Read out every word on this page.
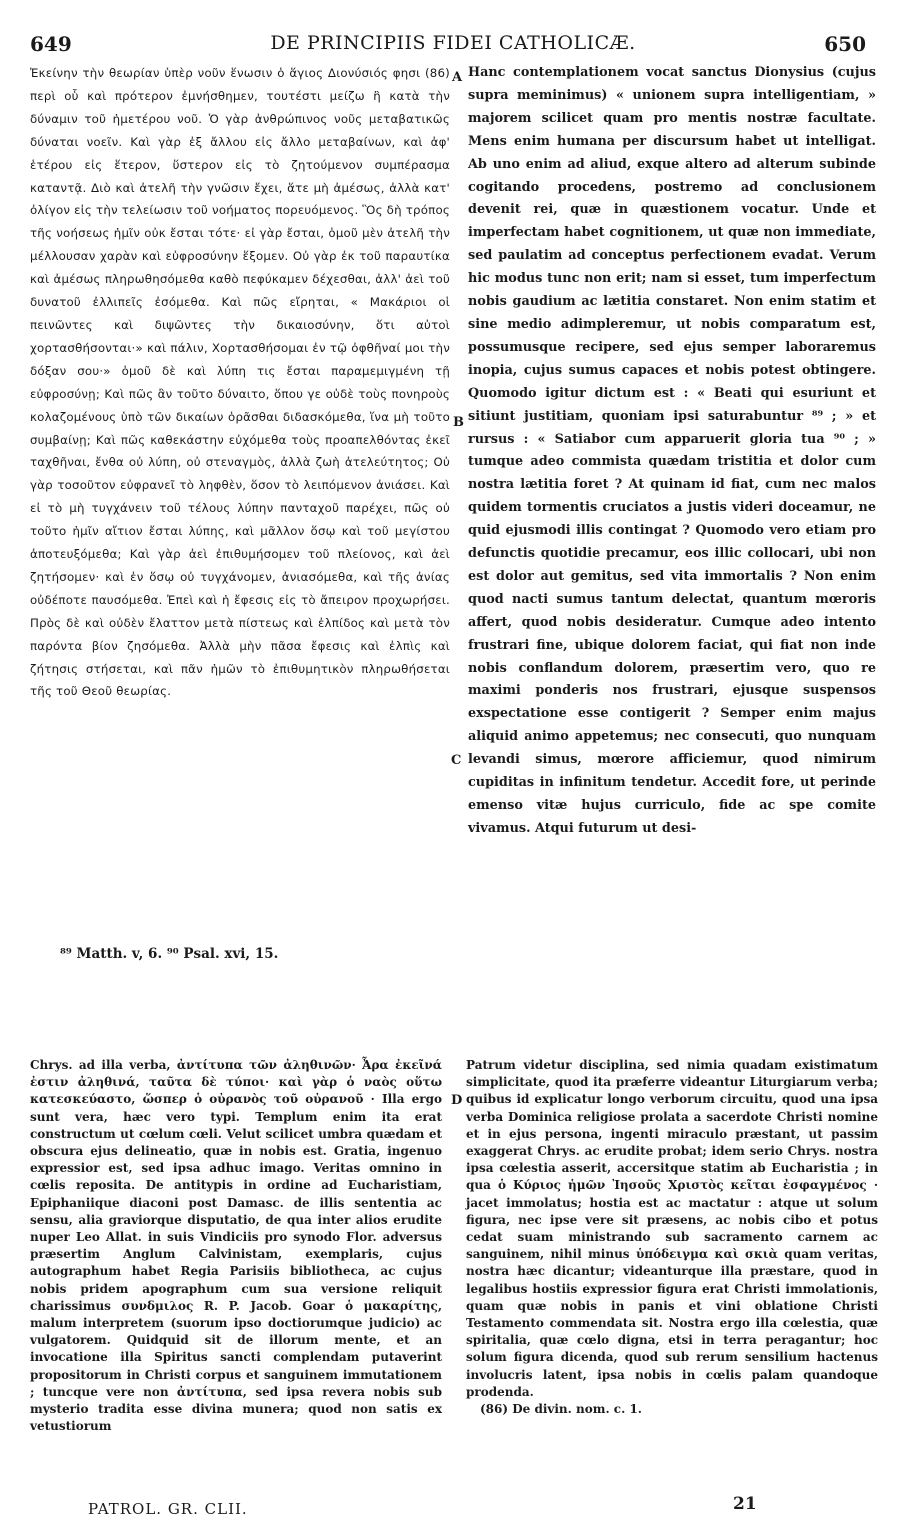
649	DE PRINCIPIIS FIDEI CATHOLICÆ.	650
Ἐκείνην τὴν θεωρίαν ὑπὲρ νοῦν ἕνωσιν ὁ ἅγιος Διονύσιός φησι (86) περὶ οὗ καὶ πρότερον ἐμνήσθημεν, τουτέστι μείζω ἢ κατὰ τὴν δύναμιν τοῦ ἡμετέρου νοῦ. Ὁ γὰρ ἀνθρώπινος νοῦς μεταβατικῶς δύναται νοεῖν. Καὶ γὰρ ἐξ ἄλλου εἰς ἄλλο μεταβαίνων, καὶ ἀφ' ἑτέρου εἰς ἕτερον, ὕστερον εἰς τὸ ζητούμενον συμπέρασμα καταντᾷ. Διὸ καὶ ἀτελῆ τὴν γνῶσιν ἔχει, ἅτε μὴ ἀμέσως, ἀλλὰ κατ' ὀλίγον εἰς τὴν τελείωσιν τοῦ νοήματος πορευόμενος. Ὃς δὴ τρόπος τῆς νοήσεως ἡμῖν οὐκ ἔσται τότε· εἰ γὰρ ἔσται, ὁμοῦ μὲν ἀτελῆ τὴν μέλλουσαν χαρὰν καὶ εὐφροσύνην ἕξομεν. Οὐ γὰρ ἐκ τοῦ παραυτίκα καὶ ἀμέσως πληρωθησόμεθα καθὸ πεφύκαμεν δέχεσθαι, ἀλλ' ἀεὶ τοῦ δυνατοῦ ἐλλιπεῖς ἐσόμεθα. Καὶ πῶς εἴρηται, « Μακάριοι οἱ πεινῶντες καὶ διψῶντες τὴν δικαιοσύνην, ὅτι αὐτοὶ χορτασθήσονται·» καὶ πάλιν, Χορτασθήσομαι ἐν τῷ ὀφθῆναί μοι τὴν δόξαν σου·» ὁμοῦ δὲ καὶ λύπη τις ἔσται παραμεμιγμένη τῇ εὐφροσύνῃ; Καὶ πῶς ἂν τοῦτο δύναιτο, ὅπου γε οὐδὲ τοὺς πονηροὺς κολαζομένους ὑπὸ τῶν δικαίων ὁρᾶσθαι διδασκόμεθα, ἵνα μὴ τοῦτο συμβαίνῃ; Καὶ πῶς καθεκάστην εὐχόμεθα τοὺς προαπελθόντας ἐκεῖ ταχθῆναι, ἔνθα οὐ λύπη, οὐ στεναγμὸς, ἀλλὰ ζωὴ ἀτελεύτητος; Οὐ γὰρ τοσοῦτον εὐφρανεῖ τὸ ληφθὲν, ὅσον τὸ λειπόμενον ἀνιάσει. Καὶ εἰ τὸ μὴ τυγχάνειν τοῦ τέλους λύπην πανταχοῦ παρέχει, πῶς οὐ τοῦτο ἡμῖν αἴτιον ἔσται λύπης, καὶ μᾶλλον ὅσῳ καὶ τοῦ μεγίστου ἀποτευξόμεθα; Καὶ γὰρ ἀεὶ ἐπιθυμήσομεν τοῦ πλείονος, καὶ ἀεὶ ζητήσομεν· καὶ ἐν ὅσῳ οὐ τυγχάνομεν, ἀνιασόμεθα, καὶ τῆς ἀνίας οὐδέποτε παυσόμεθα. Ἐπεὶ καὶ ἡ ἔφεσις εἰς τὸ ἄπειρον προχωρήσει. Πρὸς δὲ καὶ οὐδὲν ἔλαττον μετὰ πίστεως καὶ ἐλπίδος καὶ μετὰ τὸν παρόντα βίον ζησόμεθα. Ἀλλὰ μὴν πᾶσα ἔφεσις καὶ ἐλπὶς καὶ ζήτησις στήσεται, καὶ πᾶν ἡμῶν τὸ ἐπιθυμητικὸν πληρωθήσεται τῆς τοῦ Θεοῦ θεωρίας.
Hanc contemplationem vocat sanctus Dionysius (cujus supra meminimus) « unionem supra intelligentiam, » majorem scilicet quam pro mentis nostræ facultate. Mens enim humana per discursum habet ut intelligat. Ab uno enim ad aliud, exque altero ad alterum subinde cogitando procedens, postremo ad conclusionem devenit rei, quæ in quæstionem vocatur. Unde et imperfectam habet cognitionem, ut quæ non immediate, sed paulatim ad conceptus perfectionem evadat. Verum hic modus tunc non erit; nam si esset, tum imperfectum nobis gaudium ac lætitia constaret. Non enim statim et sine medio adimpleremur, ut nobis comparatum est, possumusque recipere, sed ejus semper laboraremus inopia, cujus sumus capaces et nobis potest obtingere. Quomodo igitur dictum est : « Beati qui esuriunt et sitiunt justitiam, quoniam ipsi saturabuntur ⁸⁹ ; » et rursus : « Satiabor cum apparuerit gloria tua ⁹⁰ ; » tumque adeo commista quædam tristitia et dolor cum nostra lætitia foret ? At quinam id fiat, cum nec malos quidem tormentis cruciatos a justis videri doceamur, ne quid ejusmodi illis contingat ? Quomodo vero etiam pro defunctis quotidie precamur, eos illic collocari, ubi non est dolor aut gemitus, sed vita immortalis ? Non enim quod nacti sumus tantum delectat, quantum mœroris affert, quod nobis desideratur. Cumque adeo intento frustrari fine, ubique dolorem faciat, qui fiat non inde nobis conflandum dolorem, præsertim vero, quo re maximi ponderis nos frustrari, ejusque suspensos exspectatione esse contigerit ? Semper enim majus aliquid animo appetemus; nec consecuti, quo nunquam levandi simus, mœrore afficiemur, quod nimirum cupiditas in infinitum tendetur. Accedit fore, ut perinde emenso vitæ hujus curriculo, fide ac spe comite vivamus. Atqui futurum ut desi-
A
B
C
D
⁸⁹ Matth. v, 6. ⁹⁰ Psal. xvi, 15.

Chrys. ad illa verba, ἀντίτυπα τῶν ἀληθινῶν· Ἆρα ἐκεῖνά ἐστιν ἀληθινά, ταῦτα δὲ τύποι· καὶ γὰρ ὁ ναὸς οὕτω κατεσκεύαστο, ὥσπερ ὁ οὐρανὸς τοῦ οὐρανοῦ · Illa ergo sunt vera, hæc vero typi. Templum enim ita erat constructum ut cœlum cœli. Velut scilicet umbra quædam et obscura ejus delineatio, quæ in nobis est. Gratia, ingenuo expressior est, sed ipsa adhuc imago. Veritas omnino in cœlis reposita. De antitypis in ordine ad Eucharistiam, Epiphaniique diaconi post Damasc. de illis sententia ac sensu, alia graviorque disputatio, de qua inter alios erudite nuper Leo Allat. in suis Vindiciis pro synodo Flor. adversus præsertim Anglum Calvinistam, exemplaris, cujus autographum habet Regia Parisiis bibliotheca, ac cujus nobis pridem apographum cum sua versione reliquit charissimus συνδμιλος R. P. Jacob. Goar ὁ μακαρίτης, malum interpretem (suorum ipso doctiorumque judicio) ac vulgatorem. Quidquid sit de illorum mente, et an invocatione illa Spiritus sancti complendam putaverint propositorum in Christi corpus et sanguinem immutationem ; tuncque vere non ἀντίτυπα, sed ipsa revera nobis sub mysterio tradita esse divina munera; quod non satis ex vetustiorum

Patrum videtur disciplina, sed nimia quadam existimatum simplicitate, quod ita præferre videantur Liturgiarum verba; quibus id explicatur longo verborum circuitu, quod una ipsa verba Dominica religiose prolata a sacerdote Christi nomine et in ejus persona, ingenti miraculo præstant, ut passim exaggerat Chrys. ac erudite probat; idem serio Chrys. nostra ipsa cœlestia asserit, accersitque statim ab Eucharistia ; in qua ὁ Κύριος ἡμῶν Ἰησοῦς Χριστὸς κεῖται ἐσφαγμένος · jacet immolatus; hostia est ac mactatur : atque ut solum figura, nec ipse vere sit præsens, ac nobis cibo et potus cedat suam ministrando sub sacramento carnem ac sanguinem, nihil minus ὑπόδειγμα καὶ σκιὰ quam veritas, nostra hæc dicantur; videanturque illa præstare, quod in legalibus hostiis expressior figura erat Christi immolationis, quam quæ nobis in panis et vini oblatione Christi Testamento commendata sit. Nostra ergo illa cœlestia, quæ spiritalia, quæ cœlo digna, etsi in terra peragantur; hoc solum figura dicenda, quod sub rerum sensilium hactenus involucris latent, ipsa nobis in cœlis palam quandoque prodenda.

(86) De divin. nom. c. 1.

PATROL. GR. CLII.	21
